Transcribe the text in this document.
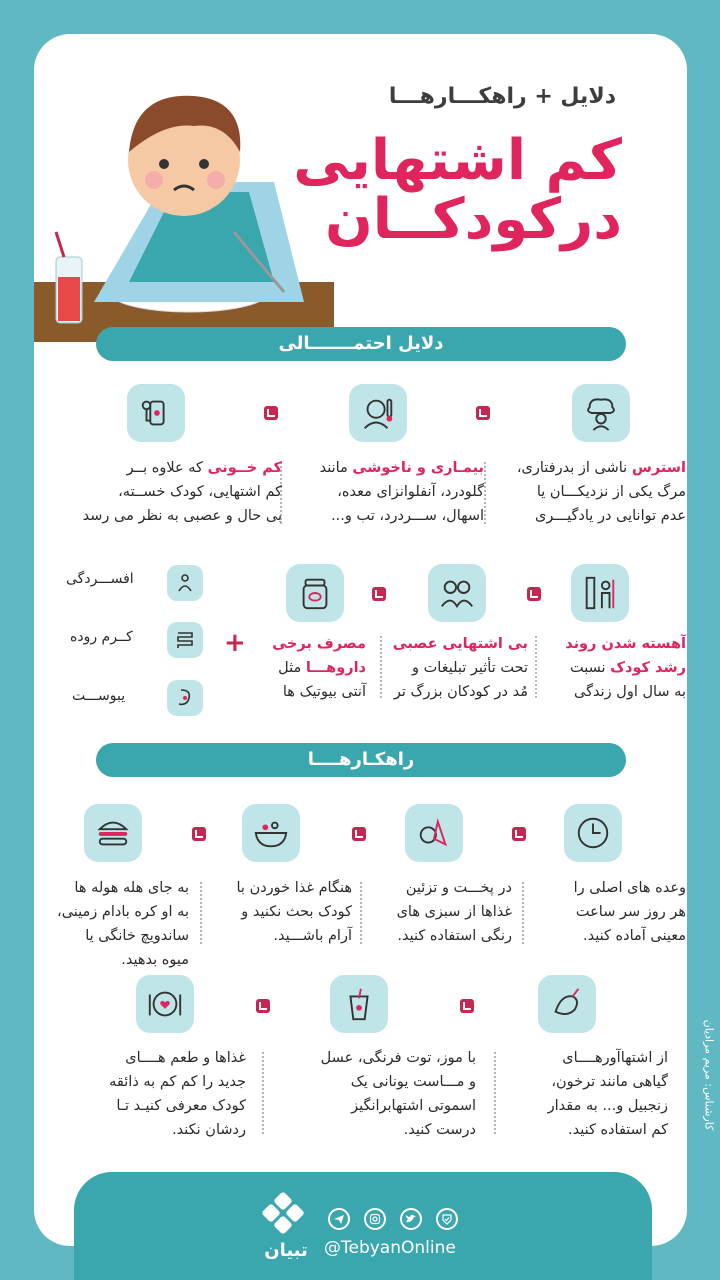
دلایل + راهکـــارهـــا
کم اشتهایی
درکودکــان
دلایل احتمـــــــالی
استرس ناشی از بدرفتاری،
مرگ یکی از نزدیکـــان یا
عدم توانایی در یادگیـــری
بیمـاری و ناخوشی مانند
گلودرد، آنفلوانزای معده،
اسهال، ســـردرد، تب و...
کم خــونی که علاوه بــر
کم اشتهایی، کودک خســته،
بی حال و عصبی به نظر می رسد
آهسته شدن روند
رشد کودک نسبت
به سال اول زندگی
بی اشتهایی عصبی
تحت تأثیر تبلیغات و
مُد در کودکان بزرگ تر
مصرف برخی
داروهـــا مثل
آنتی بیوتیک ها
+
افســـردگی
کــرم روده
یبوســـت
راهکـارهــــا
وعده های اصلی را
هر روز سر ساعت
معینی آماده کنید.
در پخـــت و تزئین
غذاها از سبزی های
رنگی استفاده کنید.
هنگام غذا خوردن با
کودک بحث نکنید و
آرام باشـــید.
به جای هله هوله ها
به او کره بادام زمینی،
ساندویچ خانگی یا
میوه بدهید.
از اشتهاآورهــــای
گیاهی مانند ترخون،
زنجبیل و... به مقدار
کم استفاده کنید.
با موز، توت فرنگی، عسل
و مـــاست یونانی یک
اسموتی اشتهابرانگیز
درست کنید.
غذاها و طعم هــــای
جدید را کم کم به ذائقه
کودک معرفی کنیـد تـا
ردشان نکند.	کارشناس: مریم مرادیان
تبیان @TebyanOnline
